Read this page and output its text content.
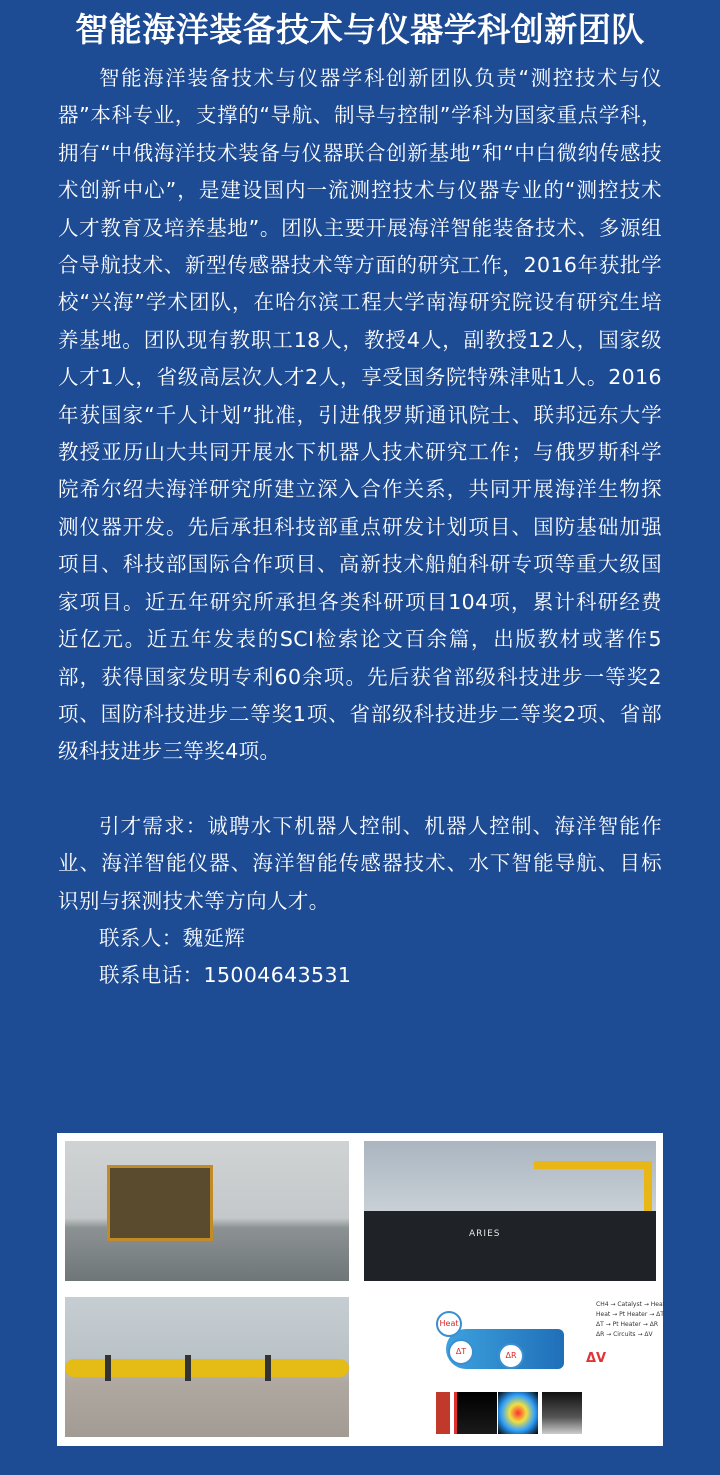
智能海洋装备技术与仪器学科创新团队

智能海洋装备技术与仪器学科创新团队负责“测控技术与仪器”本科专业，支撑的“导航、制导与控制”学科为国家重点学科，拥有“中俄海洋技术装备与仪器联合创新基地”和“中白微纳传感技术创新中心”，是建设国内一流测控技术与仪器专业的“测控技术人才教育及培养基地”。团队主要开展海洋智能装备技术、多源组合导航技术、新型传感器技术等方面的研究工作，2016年获批学校“兴海”学术团队，在哈尔滨工程大学南海研究院设有研究生培养基地。团队现有教职工18人，教授4人，副教授12人，国家级人才1人，省级高层次人才2人，享受国务院特殊津贴1人。2016年获国家“千人计划”批准，引进俄罗斯通讯院士、联邦远东大学教授亚历山大共同开展水下机器人技术研究工作；与俄罗斯科学院希尔绍夫海洋研究所建立深入合作关系，共同开展海洋生物探测仪器开发。先后承担科技部重点研发计划项目、国防基础加强项目、科技部国际合作项目、高新技术船舶科研专项等重大级国家项目。近五年研究所承担各类科研项目104项，累计科研经费近亿元。近五年发表的SCI检索论文百余篇，出版教材或著作5部，获得国家发明专利60余项。先后获省部级科技进步一等奖2项、国防科技进步二等奖1项、省部级科技进步二等奖2项、省部级科技进步三等奖4项。

引才需求：诚聘水下机器人控制、机器人控制、海洋智能作业、海洋智能仪器、海洋智能传感器技术、水下智能导航、目标识别与探测技术等方向人才。

联系人：魏延辉

联系电话：15004643531

ARIES
Heat
ΔT	ΔR	ΔV
CH4 → Catalyst → Heat
Heat → Pt Heater → ΔT
ΔT → Pt Heater → ΔR
ΔR → Circuits → ΔV
